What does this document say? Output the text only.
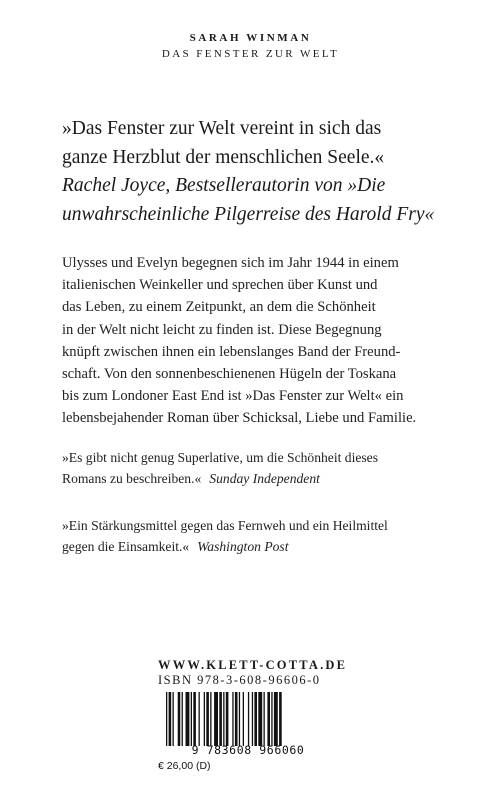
SARAH WINMAN
DAS FENSTER ZUR WELT
»Das Fenster zur Welt vereint in sich das
ganze Herzblut der menschlichen Seele.«
Rachel Joyce, Bestsellerautorin von »Die
unwahrscheinliche Pilgerreise des Harold Fry«
Ulysses und Evelyn begegnen sich im Jahr 1944 in einem
italienischen Weinkeller und sprechen über Kunst und
das Leben, zu einem Zeitpunkt, an dem die Schönheit
in der Welt nicht leicht zu finden ist. Diese Begegnung
knüpft zwischen ihnen ein lebenslanges Band der Freund-
schaft. Von den sonnenbeschienenen Hügeln der Toskana
bis zum Londoner East End ist »Das Fenster zur Welt« ein
lebensbejahender Roman über Schicksal, Liebe und Familie.
»Es gibt nicht genug Superlative, um die Schönheit dieses
Romans zu beschreiben.« Sunday Independent
»Ein Stärkungsmittel gegen das Fernweh und ein Heilmittel
gegen die Einsamkeit.« Washington Post
WWW.KLETT-COTTA.DE
ISBN 978-3-608-96606-0
9 783608 966060
€ 26,00 (D)
